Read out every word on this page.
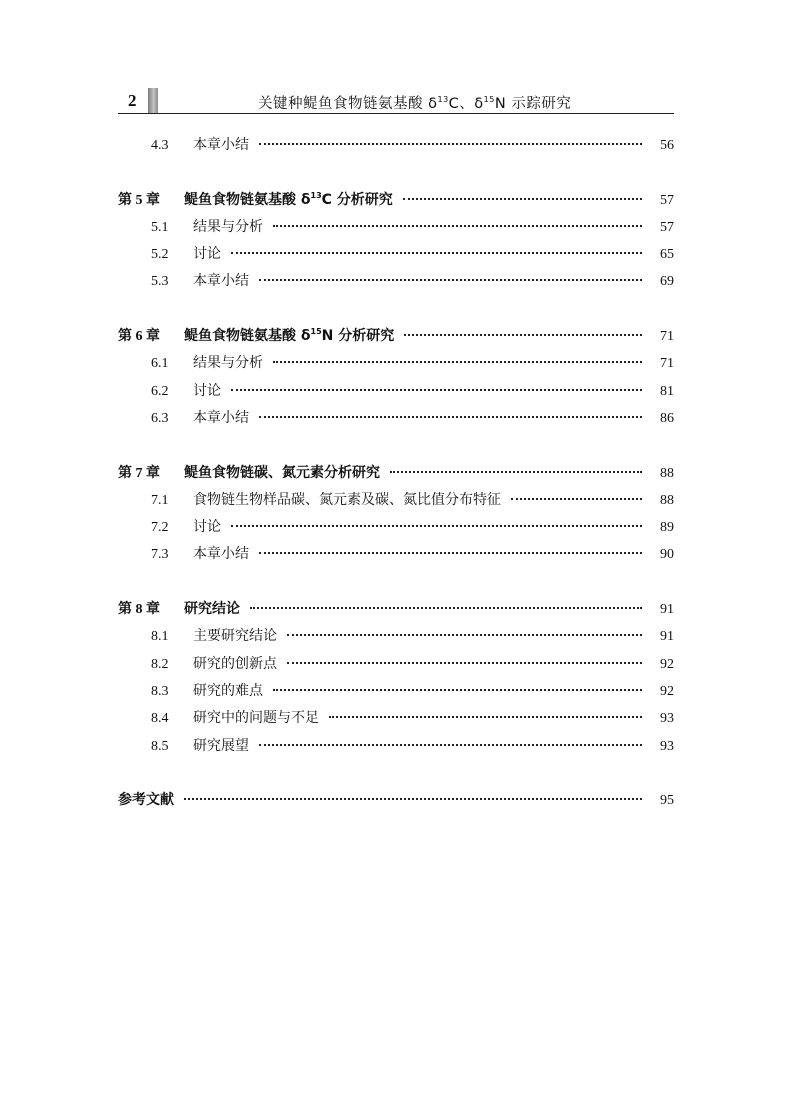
2	关键种鳀鱼食物链氨基酸 $\delta^{13}C$、$\delta^{15}N$ 示踪研究
4.3	本章小结	56
第 5 章	鳀鱼食物链氨基酸 $\delta^{13}C$ 分析研究	57
5.1	结果与分析	57
5.2	讨论	65
5.3	本章小结	69
第 6 章	鳀鱼食物链氨基酸 $\delta^{15}N$ 分析研究	71
6.1	结果与分析	71
6.2	讨论	81
6.3	本章小结	86
第 7 章	鳀鱼食物链碳、氮元素分析研究	88
7.1	食物链生物样品碳、氮元素及碳、氮比值分布特征	88
7.2	讨论	89
7.3	本章小结	90
第 8 章	研究结论	91
8.1	主要研究结论	91
8.2	研究的创新点	92
8.3	研究的难点	92
8.4	研究中的问题与不足	93
8.5	研究展望	93
参考文献	95
